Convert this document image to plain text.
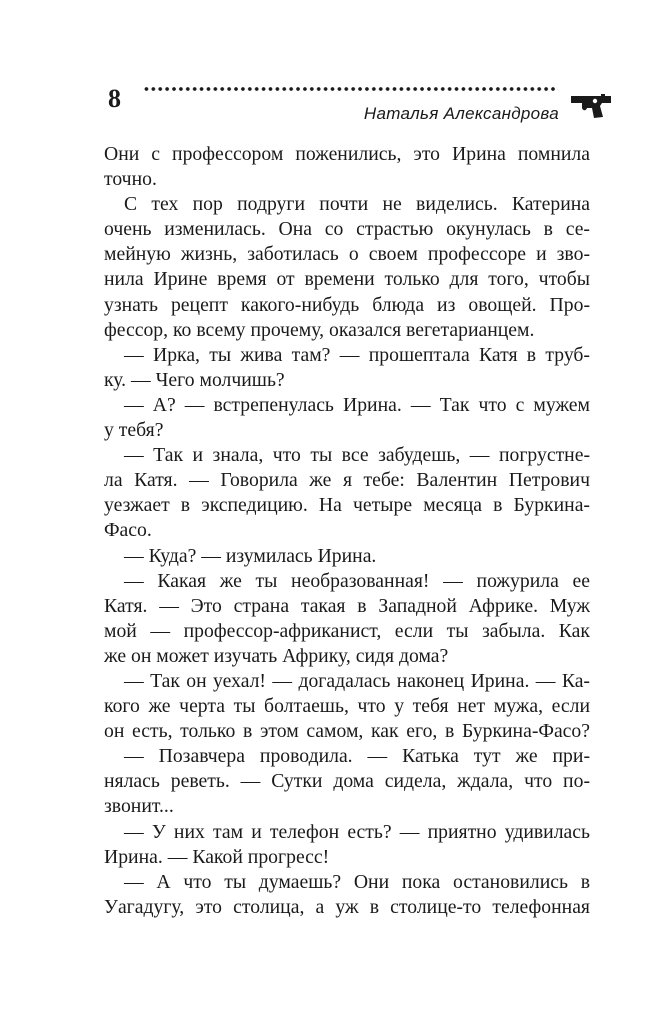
8
Наталья Александрова
Они с профессором поженились, это Ирина помнила
точно.
С тех пор подруги почти не виделись. Катерина
очень изменилась. Она со страстью окунулась в се-
мейную жизнь, заботилась о своем профессоре и зво-
нила Ирине время от времени только для того, чтобы
узнать рецепт какого-нибудь блюда из овощей. Про-
фессор, ко всему прочему, оказался вегетарианцем.
— Ирка, ты жива там? — прошептала Катя в труб-
ку. — Чего молчишь?
— А? — встрепенулась Ирина. — Так что с мужем
у тебя?
— Так и знала, что ты все забудешь, — погрустне-
ла Катя. — Говорила же я тебе: Валентин Петрович
уезжает в экспедицию. На четыре месяца в Буркина-
Фасо.
— Куда? — изумилась Ирина.
— Какая же ты необразованная! — пожурила ее
Катя. — Это страна такая в Западной Африке. Муж
мой — профессор-африканист, если ты забыла. Как
же он может изучать Африку, сидя дома?
— Так он уехал! — догадалась наконец Ирина. — Ка-
кого же черта ты болтаешь, что у тебя нет мужа, если
он есть, только в этом самом, как его, в Буркина-Фасо?
— Позавчера проводила. — Катька тут же при-
нялась реветь. — Сутки дома сидела, ждала, что по-
звонит...
— У них там и телефон есть? — приятно удивилась
Ирина. — Какой прогресс!
— А что ты думаешь? Они пока остановились в
Уагадугу, это столица, а уж в столице-то телефонная
